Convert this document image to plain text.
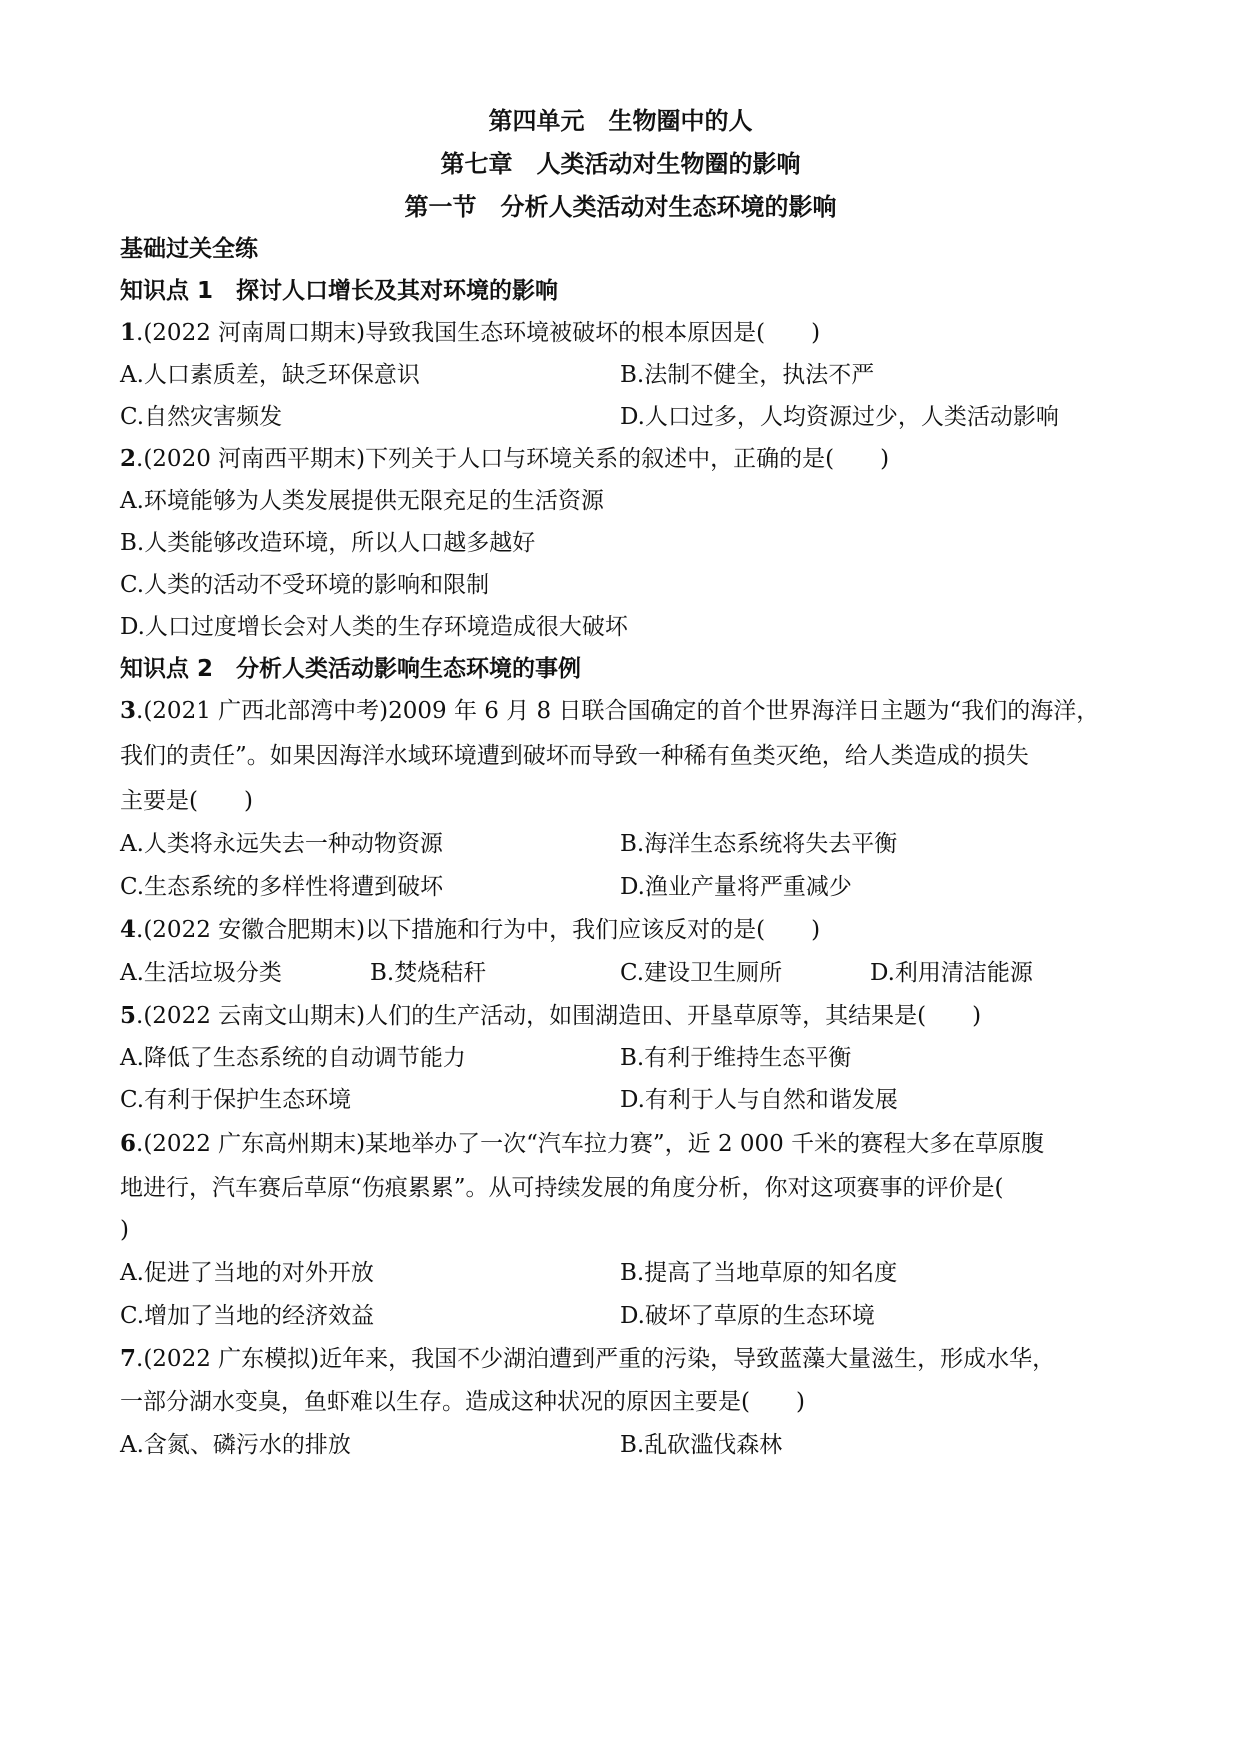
第四单元　生物圈中的人
第七章　人类活动对生物圈的影响
第一节　分析人类活动对生态环境的影响
基础过关全练
知识点 1　探讨人口增长及其对环境的影响
1.(2022 河南周口期末)导致我国生态环境被破坏的根本原因是(　　)
A.人口素质差，缺乏环保意识	B.法制不健全，执法不严
C.自然灾害频发	D.人口过多，人均资源过少，人类活动影响
2.(2020 河南西平期末)下列关于人口与环境关系的叙述中，正确的是(　　)
A.环境能够为人类发展提供无限充足的生活资源
B.人类能够改造环境，所以人口越多越好
C.人类的活动不受环境的影响和限制
D.人口过度增长会对人类的生存环境造成很大破坏
知识点 2　分析人类活动影响生态环境的事例
3.(2021 广西北部湾中考)2009 年 6 月 8 日联合国确定的首个世界海洋日主题为“我们的海洋，
我们的责任”。如果因海洋水域环境遭到破坏而导致一种稀有鱼类灭绝，给人类造成的损失
主要是(　　)
A.人类将永远失去一种动物资源	B.海洋生态系统将失去平衡
C.生态系统的多样性将遭到破坏	D.渔业产量将严重减少
4.(2022 安徽合肥期末)以下措施和行为中，我们应该反对的是(　　)
A.生活垃圾分类	B.焚烧秸秆	C.建设卫生厕所	D.利用清洁能源
5.(2022 云南文山期末)人们的生产活动，如围湖造田、开垦草原等，其结果是(　　)
A.降低了生态系统的自动调节能力	B.有利于维持生态平衡
C.有利于保护生态环境	D.有利于人与自然和谐发展
6.(2022 广东高州期末)某地举办了一次“汽车拉力赛”，近 2 000 千米的赛程大多在草原腹
地进行，汽车赛后草原“伤痕累累”。从可持续发展的角度分析，你对这项赛事的评价是(
)
A.促进了当地的对外开放	B.提高了当地草原的知名度
C.增加了当地的经济效益	D.破坏了草原的生态环境
7.(2022 广东模拟)近年来，我国不少湖泊遭到严重的污染，导致蓝藻大量滋生，形成水华，
一部分湖水变臭，鱼虾难以生存。造成这种状况的原因主要是(　　)
A.含氮、磷污水的排放	B.乱砍滥伐森林
